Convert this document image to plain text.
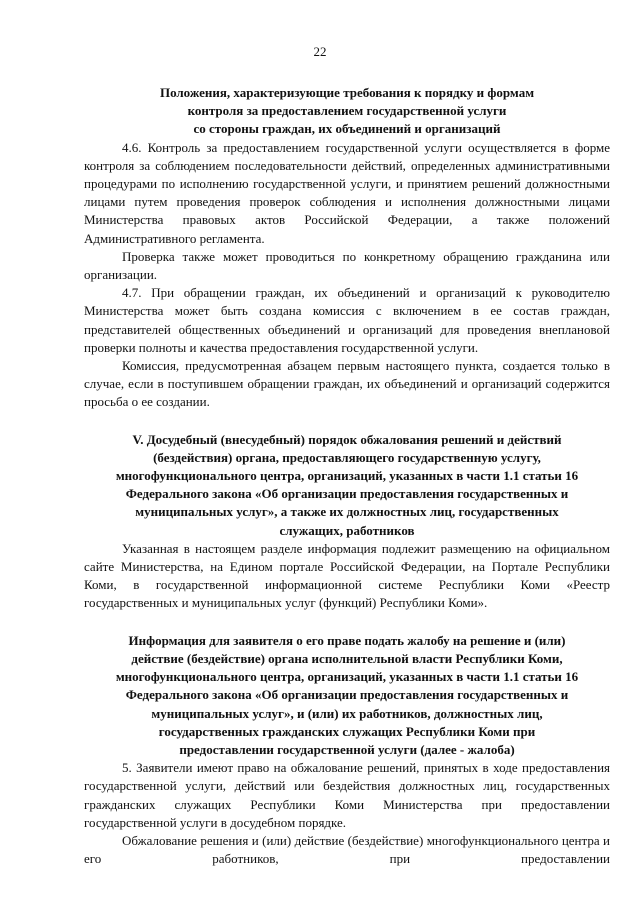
22

Положения, характеризующие требования к порядку и формам

контроля за предоставлением государственной услуги

со стороны граждан, их объединений и организаций

4.6. Контроль за предоставлением государственной услуги осуществляется в форме контроля за соблюдением последовательности действий, определенных административными процедурами по исполнению государственной услуги, и принятием решений должностными лицами путем проведения проверок соблюдения и исполнения должностными лицами Министерства правовых актов Российской Федерации, а также положений Административного регламента.

Проверка также может проводиться по конкретному обращению гражданина или организации.

4.7. При обращении граждан, их объединений и организаций к руководителю Министерства может быть создана комиссия с включением в ее состав граждан, представителей общественных объединений и организаций для проведения внеплановой проверки полноты и качества предоставления государственной услуги.

Комиссия, предусмотренная абзацем первым настоящего пункта, создается только в случае, если в поступившем обращении граждан, их объединений и организаций содержится просьба о ее создании.

V. Досудебный (внесудебный) порядок обжалования решений и действий

(бездействия) органа, предоставляющего государственную услугу,

многофункционального центра, организаций, указанных в части 1.1 статьи 16

Федерального закона «Об организации предоставления государственных и

муниципальных услуг», а также их должностных лиц, государственных

служащих, работников

Указанная в настоящем разделе информация подлежит размещению на официальном сайте Министерства, на Едином портале Российской Федерации, на Портале Республики Коми, в государственной информационной системе Республики Коми «Реестр государственных и муниципальных услуг (функций) Республики Коми».

Информация для заявителя о его праве подать жалобу на решение и (или)

действие (бездействие) органа исполнительной власти Республики Коми,

многофункционального центра, организаций, указанных в части 1.1 статьи 16

Федерального закона «Об организации предоставления государственных и

муниципальных услуг», и (или) их работников, должностных лиц,

государственных гражданских служащих Республики Коми при

предоставлении государственной услуги (далее - жалоба)

5. Заявители имеют право на обжалование решений, принятых в ходе предоставления государственной услуги, действий или бездействия должностных лиц, государственных гражданских служащих Республики Коми Министерства при предоставлении государственной услуги в досудебном порядке.

Обжалование решения и (или) действие (бездействие) многофункционального центра и его работников, при предоставлении
